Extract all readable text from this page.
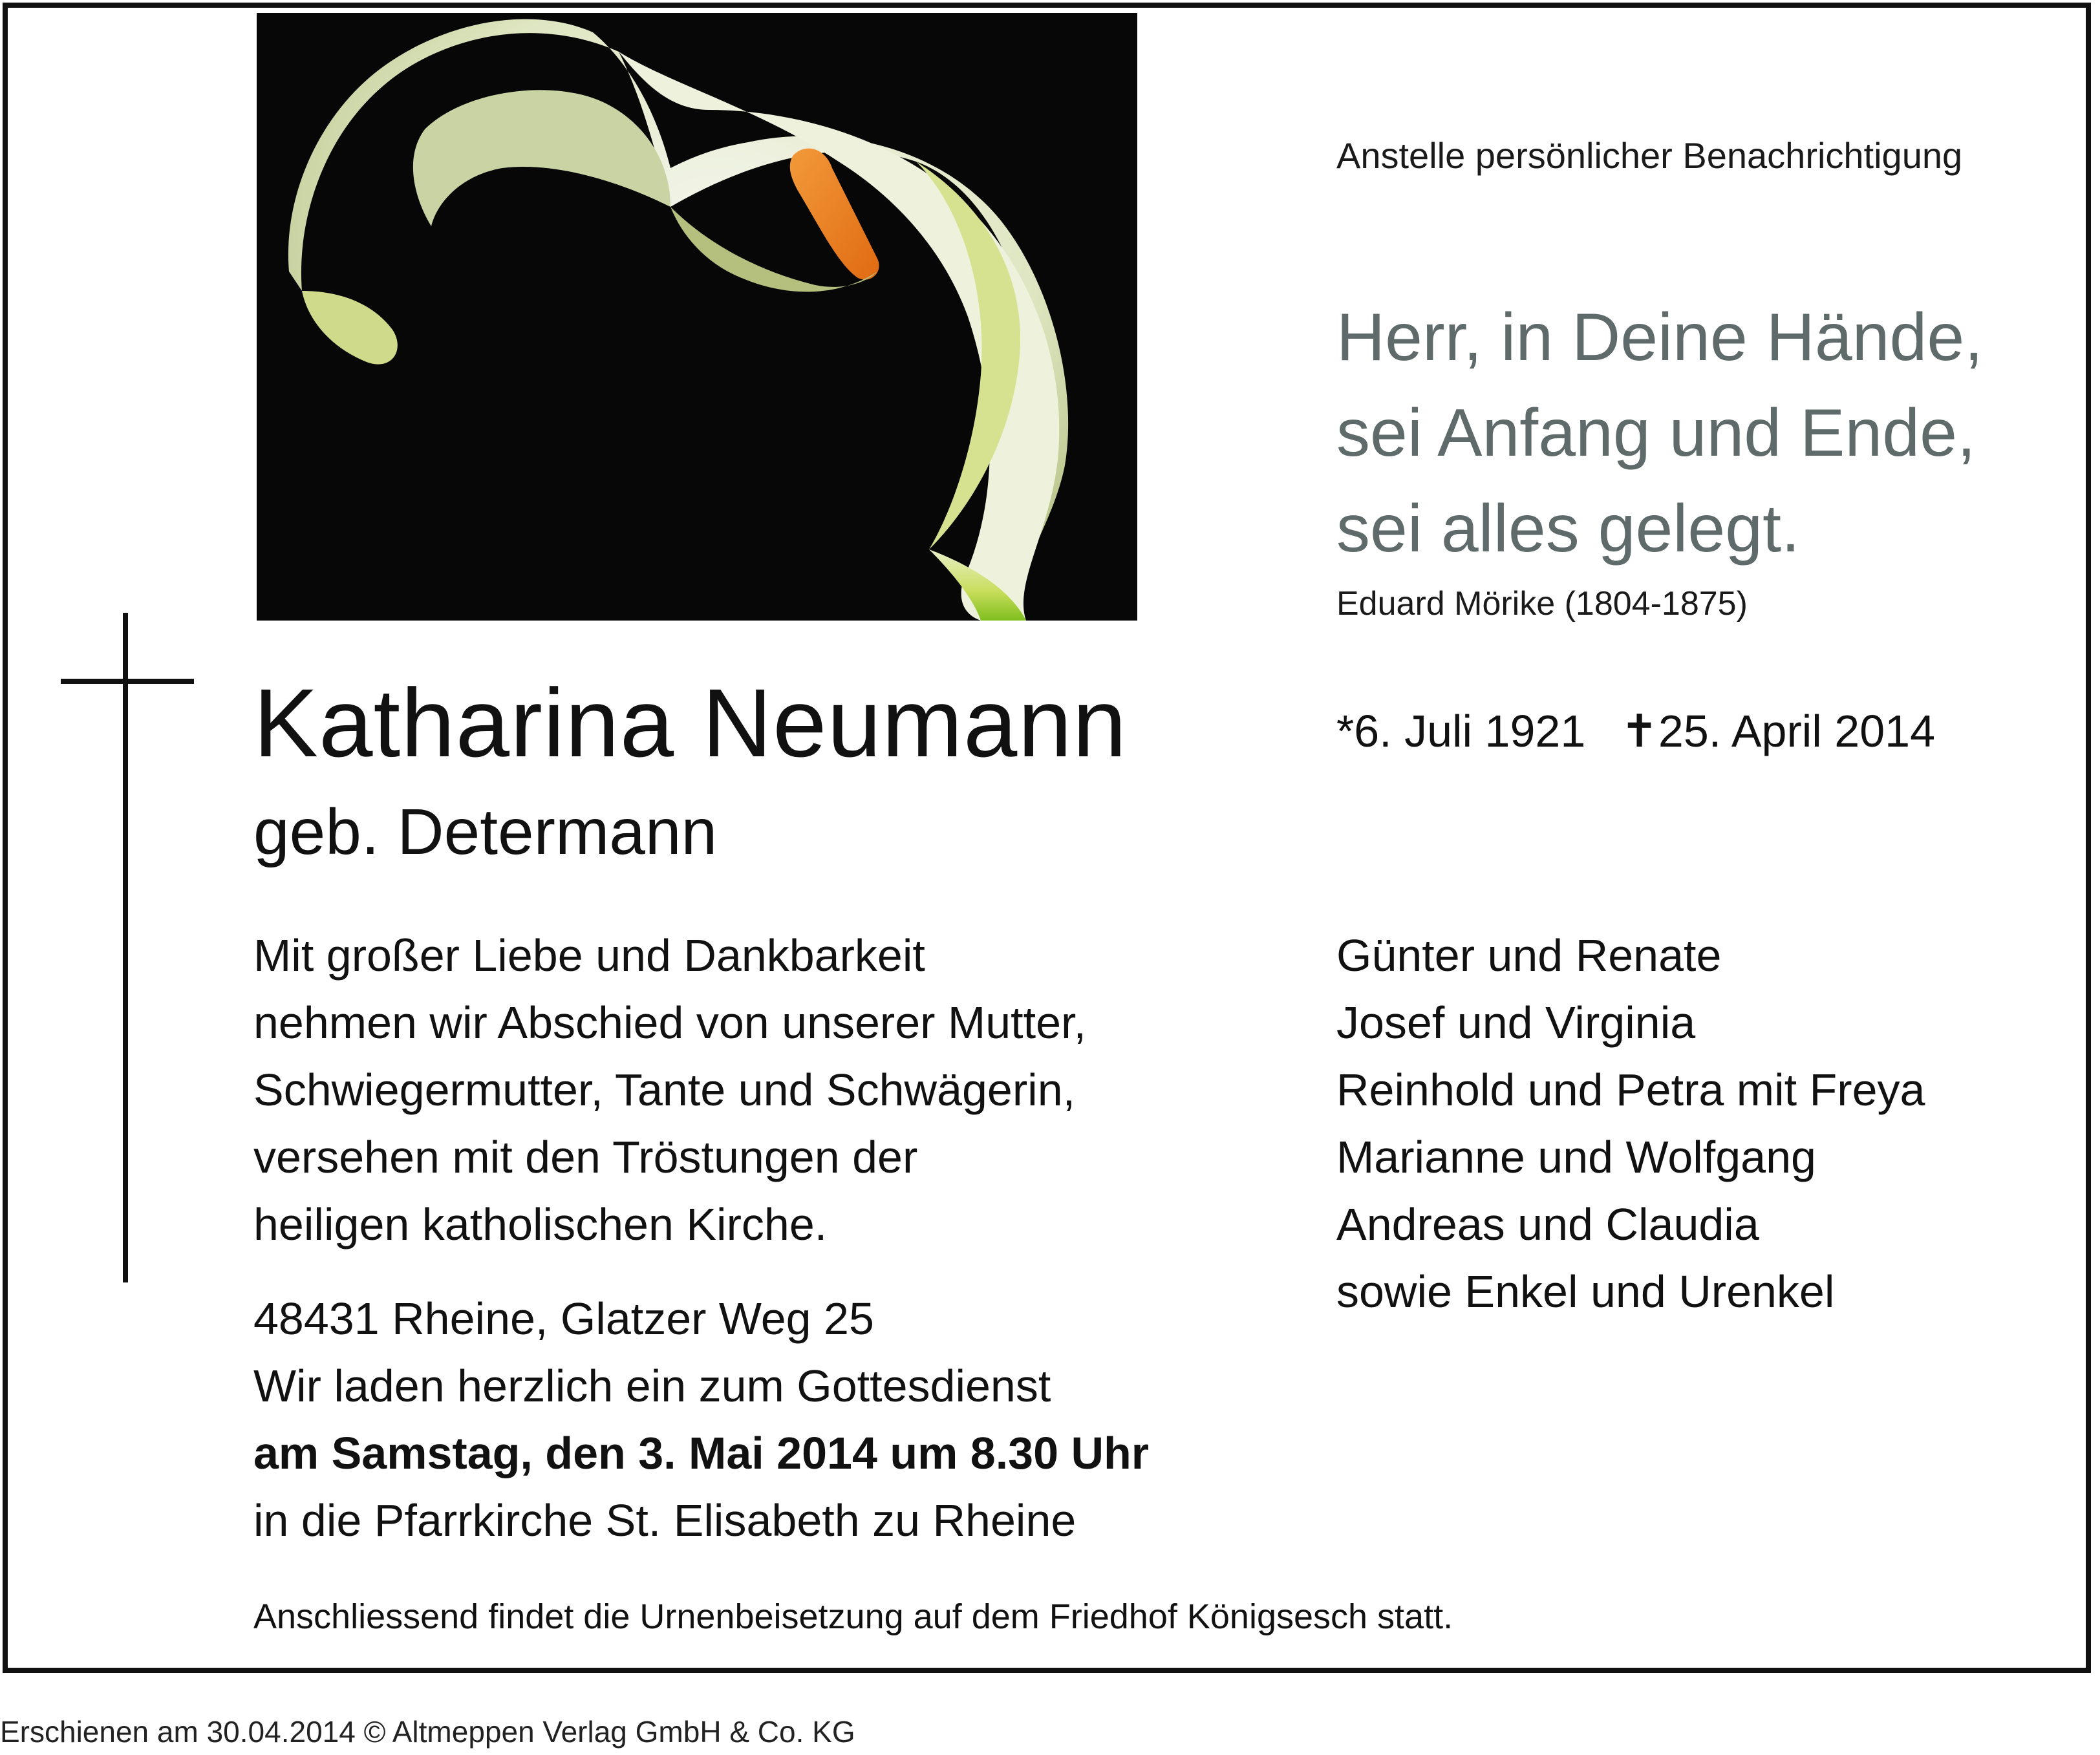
Anstelle persönlicher Benachrichtigung
Herr, in Deine Hände,
sei Anfang und Ende,
sei alles gelegt.
Eduard Mörike (1804-1875)
Katharina Neumann
geb. Determann
*6. Juli 1921 ✝25. April 2014
Mit großer Liebe und Dankbarkeit
nehmen wir Abschied von unserer Mutter,
Schwiegermutter, Tante und Schwägerin,
versehen mit den Tröstungen der
heiligen katholischen Kirche.
Günter und Renate
Josef und Virginia
Reinhold und Petra mit Freya
Marianne und Wolfgang
Andreas und Claudia
sowie Enkel und Urenkel
48431 Rheine, Glatzer Weg 25
Wir laden herzlich ein zum Gottesdienst
am Samstag, den 3. Mai 2014 um 8.30 Uhr
in die Pfarrkirche St. Elisabeth zu Rheine
Anschliessend findet die Urnenbeisetzung auf dem Friedhof Königsesch statt.
Erschienen am 30.04.2014 © Altmeppen Verlag GmbH & Co. KG
